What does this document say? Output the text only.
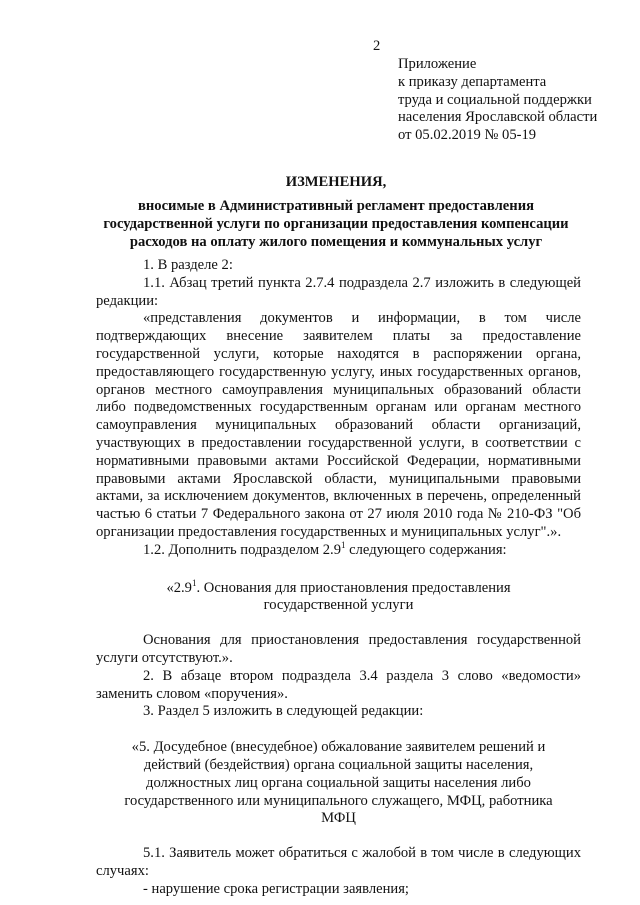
2
Приложение
к приказу департамента
труда и социальной поддержки
населения Ярославской области
от 05.02.2019 № 05-19
ИЗМЕНЕНИЯ,
вносимые в Административный регламент предоставления государственной услуги по организации предоставления компенсации расходов на оплату жилого помещения и коммунальных услуг

1. В разделе 2:

1.1. Абзац третий пункта 2.7.4 подраздела 2.7 изложить в следующей редакции:

«представления документов и информации, в том числе подтверждающих внесение заявителем платы за предоставление государственной услуги, которые находятся в распоряжении органа, предоставляющего государственную услугу, иных государственных органов, органов местного самоуправления муниципальных образований области либо подведомственных государственным органам или органам местного самоуправления муниципальных образований области организаций, участвующих в предоставлении государственной услуги, в соответствии с нормативными правовыми актами Российской Федерации, нормативными правовыми актами Ярославской области, муниципальными правовыми актами, за исключением документов, включенных в перечень, определенный частью 6 статьи 7 Федерального закона от 27 июля 2010 года № 210-ФЗ "Об организации предоставления государственных и муниципальных услуг".».

1.2. Дополнить подразделом $2.9^1$ следующего содержания:

«$2.9^1$. Основания для приостановления предоставления государственной услуги

Основания для приостановления предоставления государственной услуги отсутствуют.».

2. В абзаце втором подраздела 3.4 раздела 3 слово «ведомости» заменить словом «поручения».

3. Раздел 5 изложить в следующей редакции:

«5. Досудебное (внесудебное) обжалование заявителем решений и действий (бездействия) органа социальной защиты населения, должностных лиц органа социальной защиты населения либо государственного или муниципального служащего, МФЦ, работника МФЦ

5.1. Заявитель может обратиться с жалобой в том числе в следующих случаях:

- нарушение срока регистрации заявления;
